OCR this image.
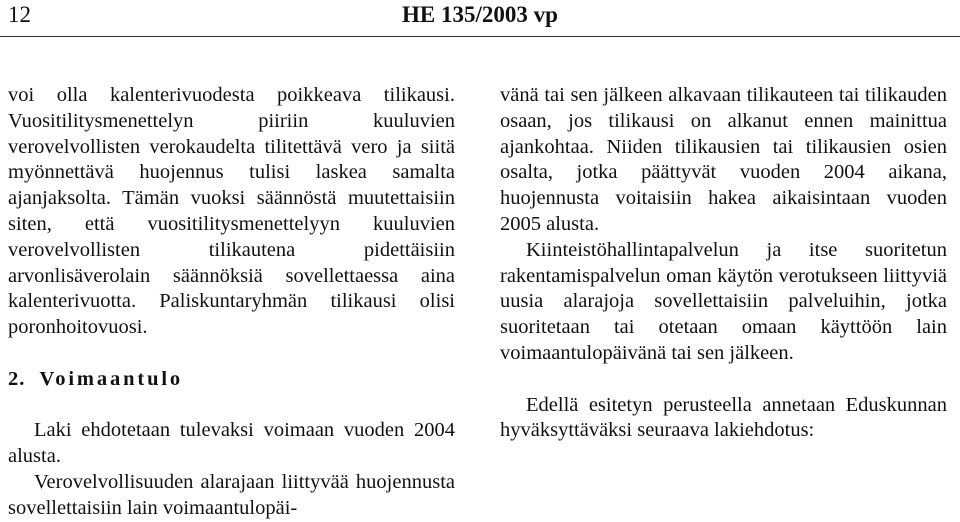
12	HE 135/2003 vp

voi olla kalenterivuodesta poikkeava tilikausi. Vuositilitysmenettelyn piiriin kuuluvien verovelvollisten verokaudelta tilitettävä vero ja siitä myönnettävä huojennus tulisi laskea samalta ajanjaksolta. Tämän vuoksi säännöstä muutettaisiin siten, että vuositilitysmenettelyyn kuuluvien verovelvollisten tilikautena pidettäisiin arvonlisäverolain säännöksiä sovellettaessa aina kalenterivuotta. Paliskuntaryhmän tilikausi olisi poronhoitovuosi.

2. Voimaantulo

Laki ehdotetaan tulevaksi voimaan vuoden 2004 alusta.

Verovelvollisuuden alarajaan liittyvää huojennusta sovellettaisiin lain voimaantulopäi-

vänä tai sen jälkeen alkavaan tilikauteen tai tilikauden osaan, jos tilikausi on alkanut ennen mainittua ajankohtaa. Niiden tilikausien tai tilikausien osien osalta, jotka päättyvät vuoden 2004 aikana, huojennusta voitaisiin hakea aikaisintaan vuoden 2005 alusta.

Kiinteistöhallintapalvelun ja itse suoritetun rakentamispalvelun oman käytön verotukseen liittyviä uusia alarajoja sovellettaisiin palveluihin, jotka suoritetaan tai otetaan omaan käyttöön lain voimaantulopäivänä tai sen jälkeen.

Edellä esitetyn perusteella annetaan Eduskunnan hyväksyttäväksi seuraava lakiehdotus:
